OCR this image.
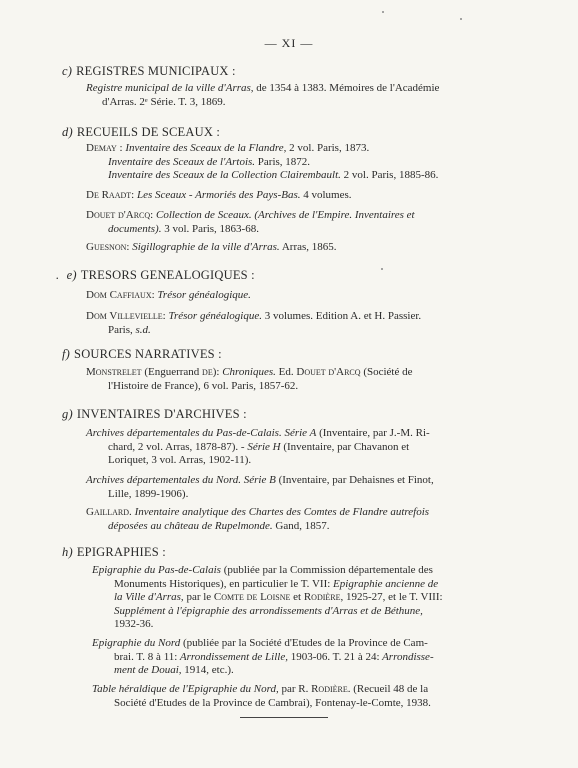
— XI —
c) REGISTRES MUNICIPAUX :

Registre municipal de la ville d'Arras, de 1354 à 1383. Mémoires de l'Académie

d'Arras. 2ᵉ Série. T. 3, 1869.

d) RECUEILS DE SCEAUX :

Demay : Inventaire des Sceaux de la Flandre, 2 vol. Paris, 1873.

Inventaire des Sceaux de l'Artois. Paris, 1872.

Inventaire des Sceaux de la Collection Clairembault. 2 vol. Paris, 1885-86.

De Raadt: Les Sceaux - Armoriés des Pays-Bas. 4 volumes.

Douet d'Arcq: Collection de Sceaux. (Archives de l'Empire. Inventaires et

documents). 3 vol. Paris, 1863-68.

Guesnon: Sigillographie de la ville d'Arras. Arras, 1865.

. e) TRESORS GENEALOGIQUES :

Dom Caffiaux: Trésor généalogique.

Dom Villevielle: Trésor généalogique. 3 volumes. Edition A. et H. Passier.

Paris, s.d.

f) SOURCES NARRATIVES :

Monstrelet (Enguerrand de): Chroniques. Ed. Douet d'Arcq (Société de

l'Histoire de France), 6 vol. Paris, 1857-62.

g) INVENTAIRES D'ARCHIVES :

Archives départementales du Pas-de-Calais. Série A (Inventaire, par J.-M. Ri-

chard, 2 vol. Arras, 1878-87). - Série H (Inventaire, par Chavanon et

Loriquet, 3 vol. Arras, 1902-11).

Archives départementales du Nord. Série B (Inventaire, par Dehaisnes et Finot,

Lille, 1899-1906).

Gaillard. Inventaire analytique des Chartes des Comtes de Flandre autrefois

déposées au château de Rupelmonde. Gand, 1857.

h) EPIGRAPHIES :

Epigraphie du Pas-de-Calais (publiée par la Commission départementale des

Monuments Historiques), en particulier le T. VII: Epigraphie ancienne de

la Ville d'Arras, par le Comte de Loisne et Rodière, 1925-27, et le T. VIII:

Supplément à l'épigraphie des arrondissements d'Arras et de Béthune,

1932-36.

Epigraphie du Nord (publiée par la Société d'Etudes de la Province de Cam-

brai. T. 8 à 11: Arrondissement de Lille, 1903-06. T. 21 à 24: Arrondisse-

ment de Douai, 1914, etc.).

Table héraldique de l'Epigraphie du Nord, par R. Rodière. (Recueil 48 de la

Société d'Etudes de la Province de Cambrai), Fontenay-le-Comte, 1938.
